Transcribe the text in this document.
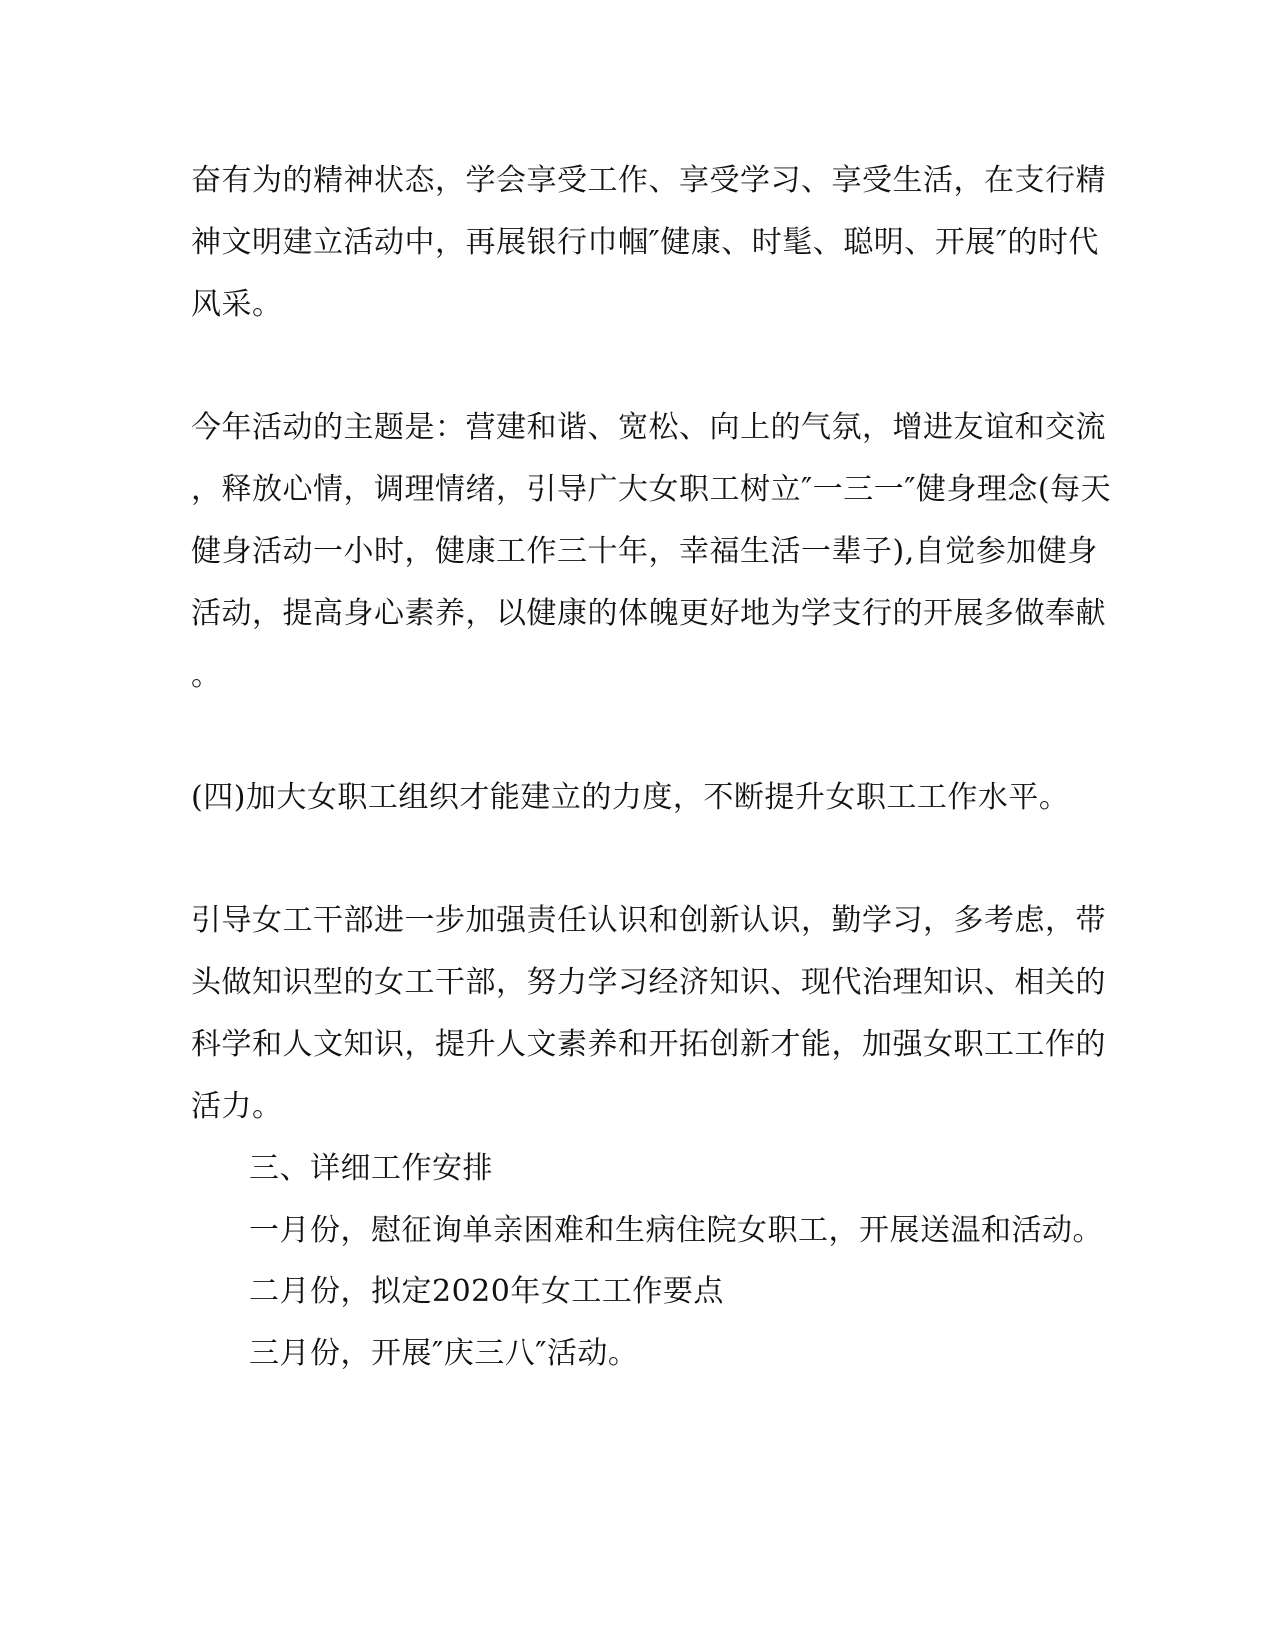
奋有为的精神状态，学会享受工作、享受学习、享受生活，在支行精
神文明建立活动中，再展银行巾帼″健康、时髦、聪明、开展″的时代
风采。
今年活动的主题是：营建和谐、宽松、向上的气氛，增进友谊和交流
，释放心情，调理情绪，引导广大女职工树立″一三一″健身理念(每天
健身活动一小时，健康工作三十年，幸福生活一辈子),自觉参加健身
活动，提高身心素养，以健康的体魄更好地为学支行的开展多做奉献
。
(四)加大女职工组织才能建立的力度，不断提升女职工工作水平。
引导女工干部进一步加强责任认识和创新认识，勤学习，多考虑，带
头做知识型的女工干部，努力学习经济知识、现代治理知识、相关的
科学和人文知识，提升人文素养和开拓创新才能，加强女职工工作的
活力。
三、详细工作安排
一月份，慰征询单亲困难和生病住院女职工，开展送温和活动。
二月份，拟定2020年女工工作要点
三月份，开展″庆三八″活动。
